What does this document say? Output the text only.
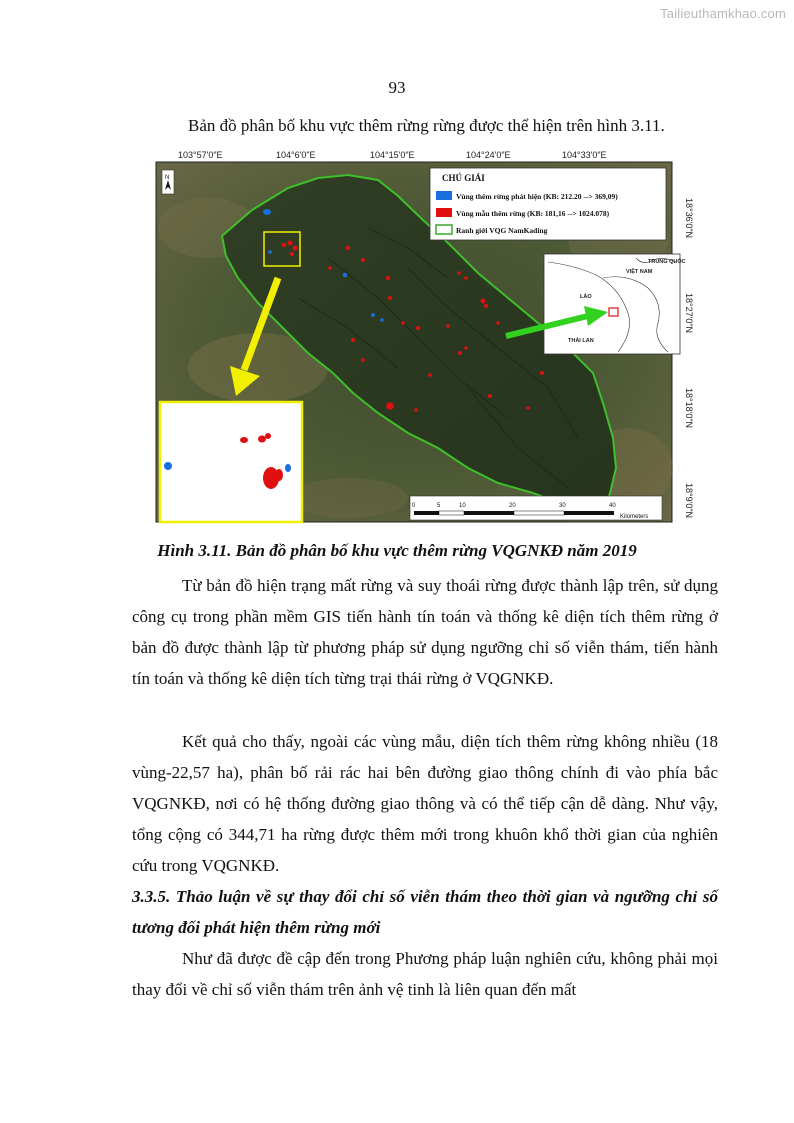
Tailieuthamkhao.com
93
Bản đồ phân bố khu vực thêm rừng rừng được thể hiện trên hình 3.11.
CHÚ GIẢI
Vùng thêm rừng phát hiện (KB: 212.20 --> 369,09)
Vùng mẫu thêm rừng (KB: 181,16 --> 1024.078)
Ranh giới VQG NamKading
TRUNG QUỐC
VIỆT NAM
LÀO
THÁI LAN
N
0	5	10	20	30	40
Kilometers
103°57'0"E	104°6'0"E	104°15'0"E	104°24'0"E	104°33'0"E
18°36'0"N
18°27'0"N
18°18'0"N
18°9'0"N
Hình 3.11. Bản đồ phân bố khu vực thêm rừng VQGNKĐ năm 2019

Từ bản đồ hiện trạng mất rừng và suy thoái rừng được thành lập trên, sử dụng công cụ trong phần mềm GIS tiến hành tín toán và thống kê diện tích thêm rừng ở bản đồ được thành lập từ phương pháp sử dụng ngưỡng chỉ số viễn thám, tiến hành tín toán và thống kê diện tích từng trại thái rừng ở VQGNKĐ.

Kết quả cho thấy, ngoài các vùng mẫu, diện tích thêm rừng không nhiều (18 vùng-22,57 ha), phân bố rải rác hai bên đường giao thông chính đi vào phía bắc VQGNKĐ, nơi có hệ thống đường giao thông và có thể tiếp cận dễ dàng. Như vậy, tổng cộng có 344,71 ha rừng được thêm mới trong khuôn khổ thời gian của nghiên cứu trong VQGNKĐ.

3.3.5. Thảo luận về sự thay đổi chỉ số viễn thám theo thời gian và ngưỡng chỉ số tương đối phát hiện thêm rừng mới

Như đã được đề cập đến trong Phương pháp luận nghiên cứu, không phải mọi thay đổi về chỉ số viễn thám trên ảnh vệ tinh là liên quan đến mất
